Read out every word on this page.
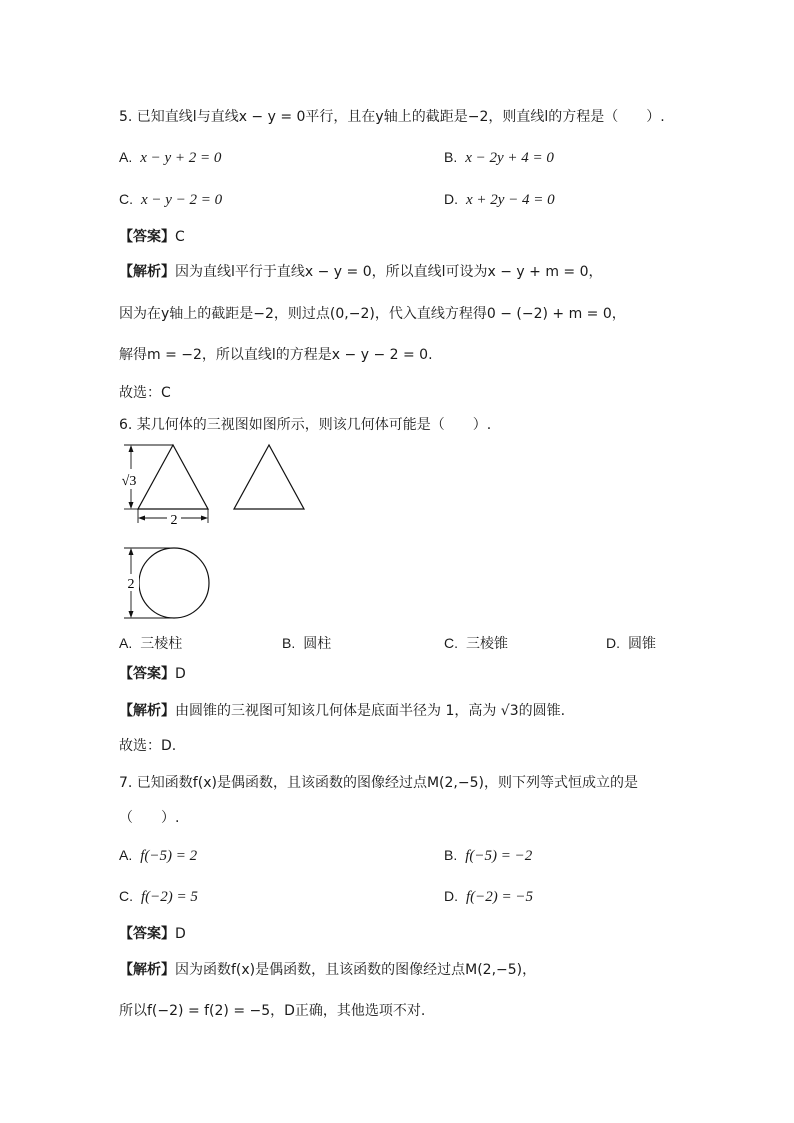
5. 已知直线l与直线x − y = 0平行，且在y轴上的截距是−2，则直线l的方程是（　　）.
A. x − y + 2 = 0	B. x − 2y + 4 = 0
C. x − y − 2 = 0	D. x + 2y − 4 = 0
【答案】C
【解析】因为直线l平行于直线x − y = 0，所以直线l可设为x − y + m = 0，
因为在y轴上的截距是−2，则过点(0,−2)，代入直线方程得0 − (−2) + m = 0，
解得m = −2，所以直线l的方程是x − y − 2 = 0.
故选：C
6. 某几何体的三视图如图所示，则该几何体可能是（　　）.
√3
2
2
A. 三棱柱	B. 圆柱	C. 三棱锥	D. 圆锥
【答案】D
【解析】由圆锥的三视图可知该几何体是底面半径为 1，高为 √3的圆锥.
故选：D.
7. 已知函数f(x)是偶函数，且该函数的图像经过点M(2,−5)，则下列等式恒成立的是
（　　）.
A. f(−5) = 2	B. f(−5) = −2
C. f(−2) = 5	D. f(−2) = −5
【答案】D
【解析】因为函数f(x)是偶函数，且该函数的图像经过点M(2,−5)，
所以f(−2) = f(2) = −5，D正确，其他选项不对.
